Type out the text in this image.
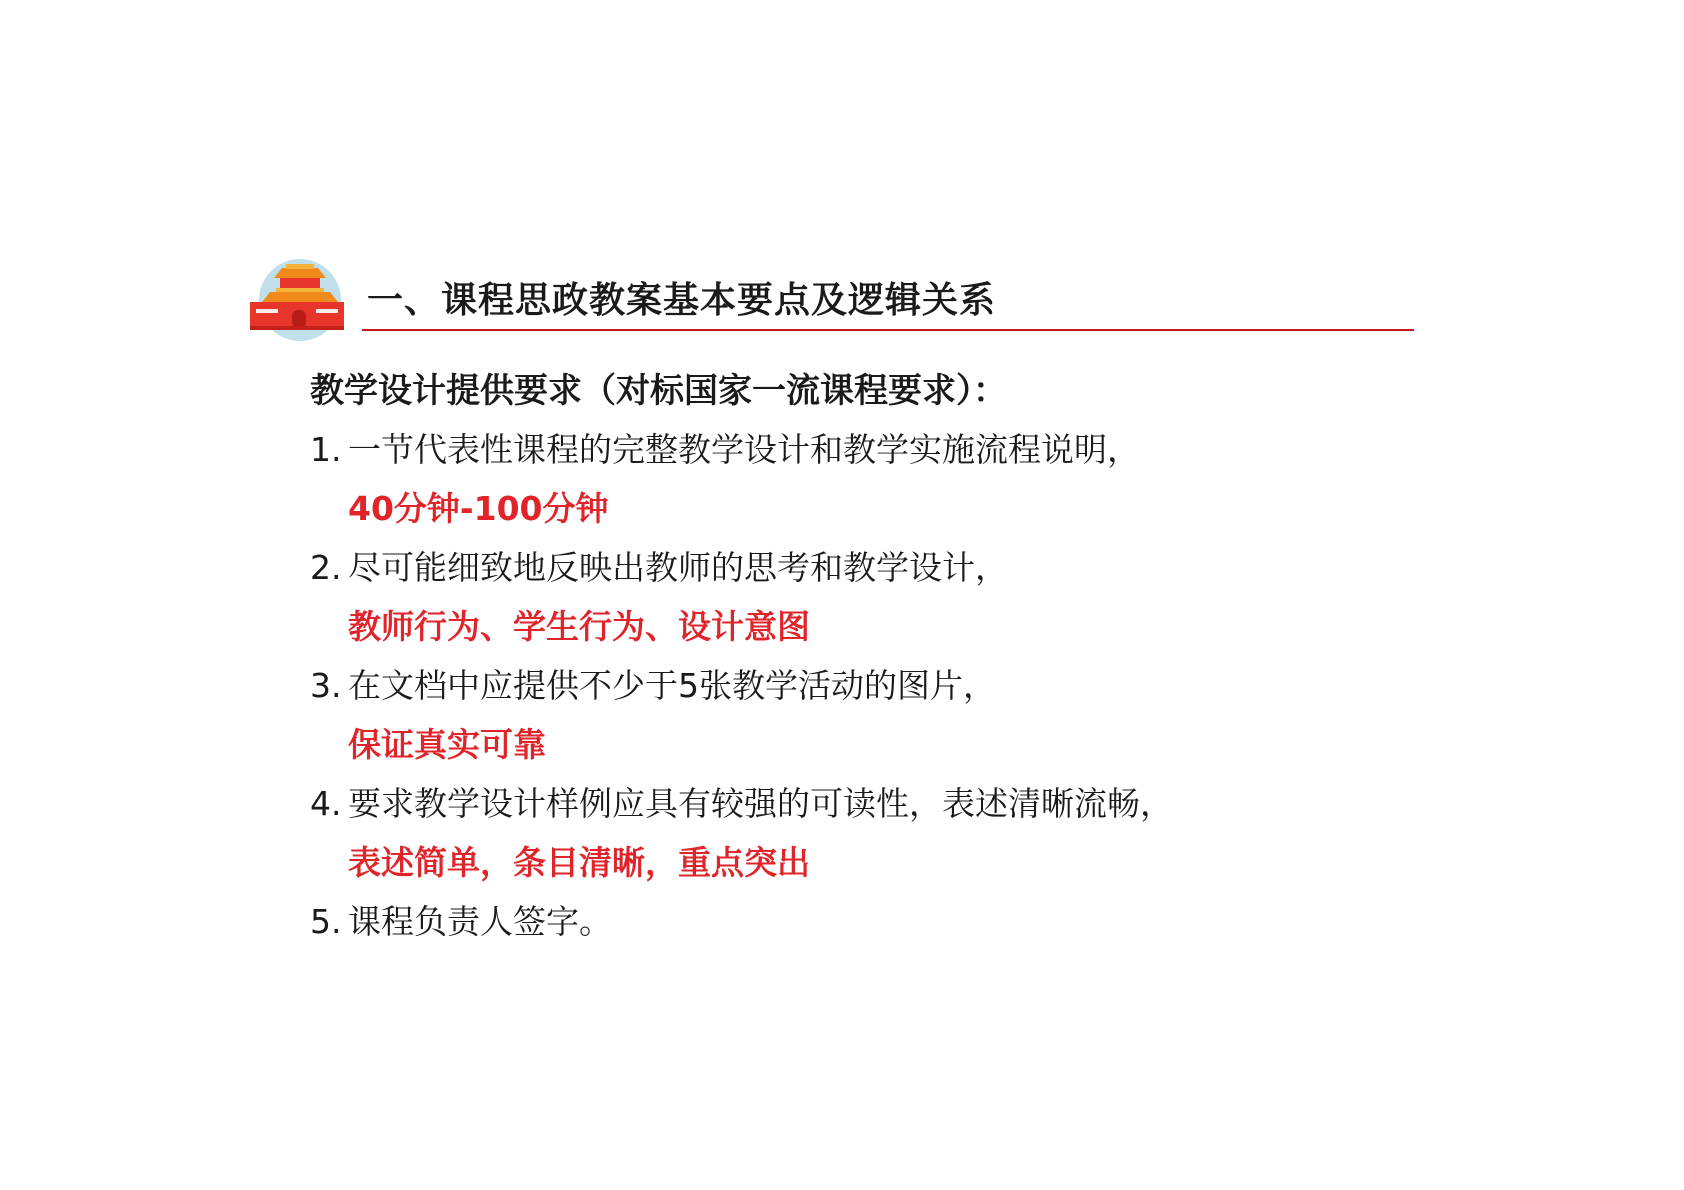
一、课程思政教案基本要点及逻辑关系
教学设计提供要求（对标国家一流课程要求）：
1. 一节代表性课程的完整教学设计和教学实施流程说明，
40分钟-100分钟
2. 尽可能细致地反映出教师的思考和教学设计，
教师行为、学生行为、设计意图
3. 在文档中应提供不少于5张教学活动的图片，
保证真实可靠
4. 要求教学设计样例应具有较强的可读性，表述清晰流畅，
表述简单，条目清晰，重点突出
5. 课程负责人签字。
